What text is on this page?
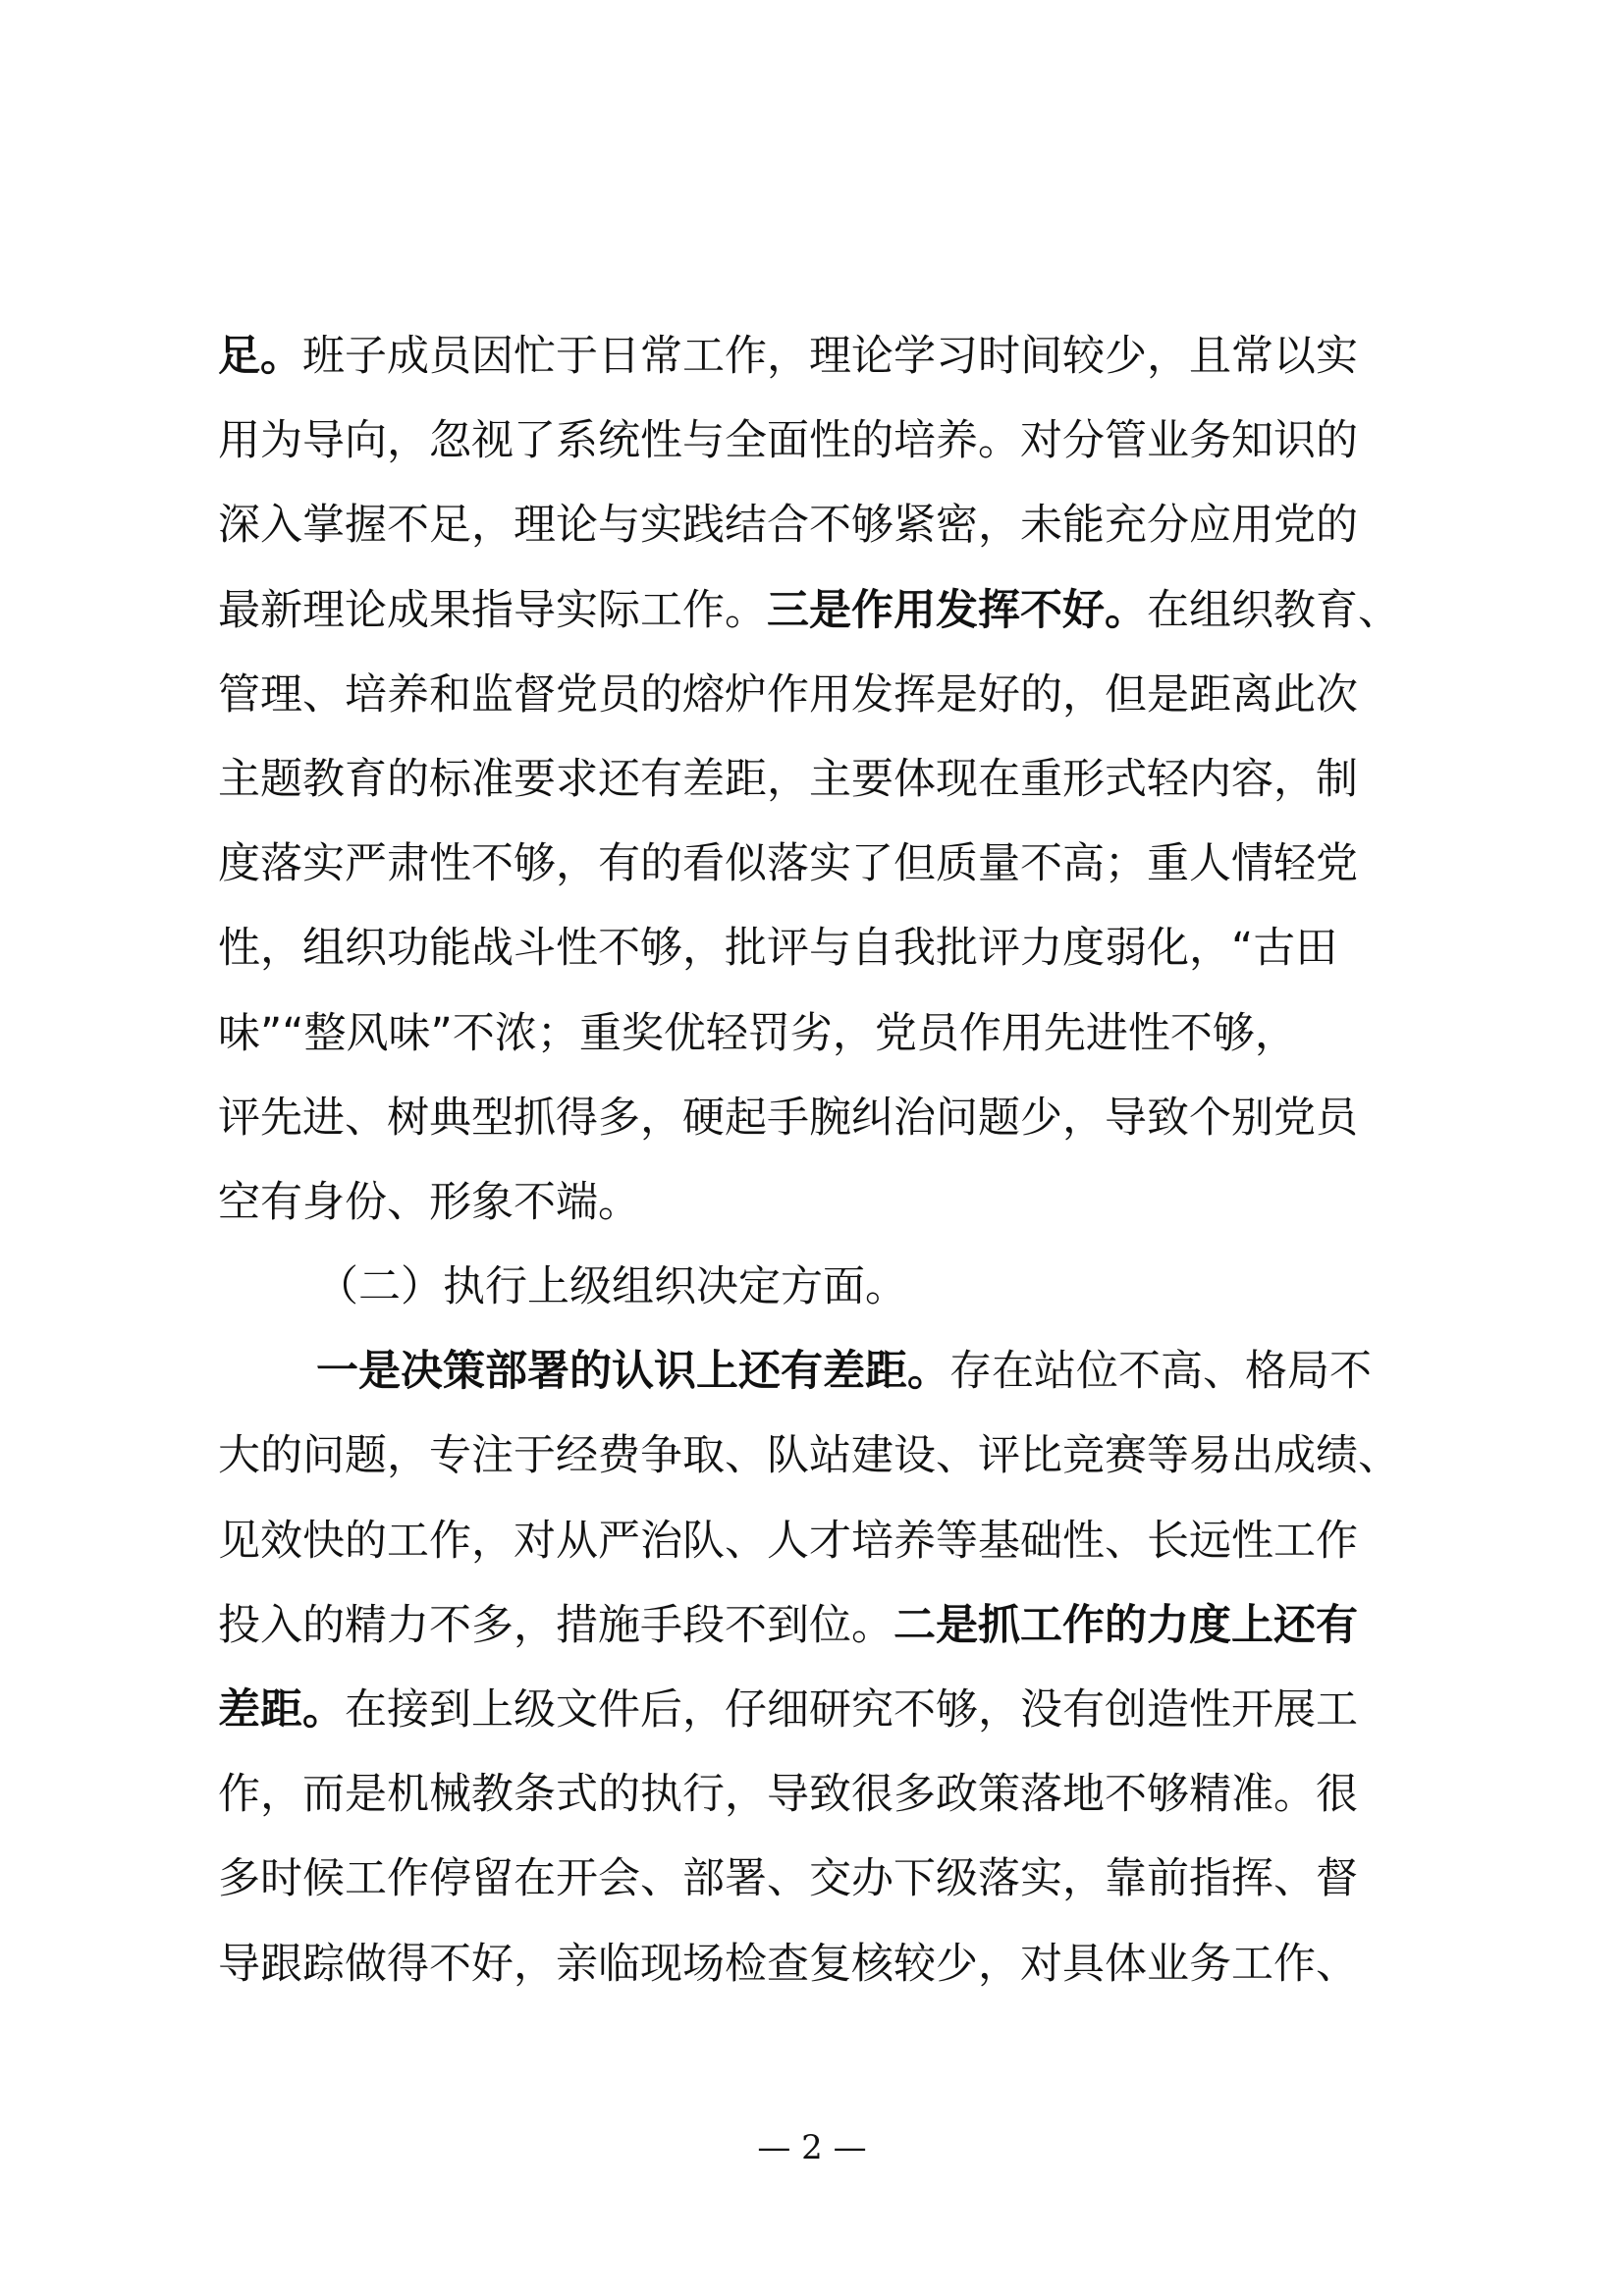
足。班子成员因忙于日常工作，理论学习时间较少，且常以实
用为导向，忽视了系统性与全面性的培养。对分管业务知识的
深入掌握不足，理论与实践结合不够紧密，未能充分应用党的
最新理论成果指导实际工作。三是作用发挥不好。在组织教育、
管理、培养和监督党员的熔炉作用发挥是好的，但是距离此次
主题教育的标准要求还有差距，主要体现在重形式轻内容，制
度落实严肃性不够，有的看似落实了但质量不高；重人情轻党
性，组织功能战斗性不够，批评与自我批评力度弱化，“古田
味”“整风味”不浓；重奖优轻罚劣，党员作用先进性不够，
评先进、树典型抓得多，硬起手腕纠治问题少，导致个别党员
空有身份、形象不端。
（二）执行上级组织决定方面。
一是决策部署的认识上还有差距。存在站位不高、格局不
大的问题，专注于经费争取、队站建设、评比竞赛等易出成绩、
见效快的工作，对从严治队、人才培养等基础性、长远性工作
投入的精力不多，措施手段不到位。二是抓工作的力度上还有
差距。在接到上级文件后，仔细研究不够，没有创造性开展工
作，而是机械教条式的执行，导致很多政策落地不够精准。很
多时候工作停留在开会、部署、交办下级落实，靠前指挥、督
导跟踪做得不好，亲临现场检查复核较少，对具体业务工作、
— 2 —
